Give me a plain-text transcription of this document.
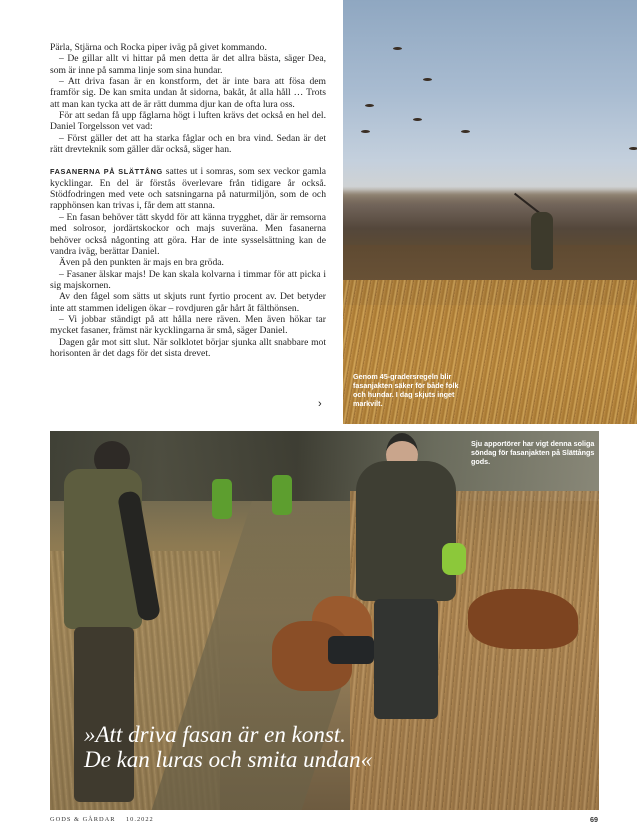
Pärla, Stjärna och Rocka piper iväg på givet kommando.

– De gillar allt vi hittar på men detta är det allra bästa, säger Dea, som är inne på samma linje som sina hundar.

– Att driva fasan är en konstform, det är inte bara att fösa dem framför sig. De kan smita undan åt sidorna, bakåt, åt alla håll … Trots att man kan tycka att de är rätt dumma djur kan de ofta lura oss.

För att sedan få upp fåglarna högt i luften krävs det också en hel del. Daniel Torgelsson vet vad:

– Först gäller det att ha starka fåglar och en bra vind. Sedan är det rätt drevteknik som gäller där också, säger han.

FASANERNA PÅ SLÄTTÅNG sattes ut i somras, som sex veckor gamla kycklingar. En del är förstås överlevare från tidigare år också. Stödfodringen med vete och satsningarna på naturmiljön, som de och rapphönsen kan trivas i, får dem att stanna.

– En fasan behöver tätt skydd för att känna trygghet, där är remsorna med solrosor, jordärtskockor och majs suveräna. Men fasanerna behöver också någonting att göra. Har de inte sysselsättning kan de vandra iväg, berättar Daniel.

Även på den punkten är majs en bra gröda.

– Fasaner älskar majs! De kan skala kolvarna i timmar för att picka i sig majskornen.

Av den fågel som sätts ut skjuts runt fyrtio procent av. Det betyder inte att stammen ideligen ökar – rovdjuren går hårt åt fälthönsen.

– Vi jobbar ständigt på att hålla nere räven. Men även hökar tar mycket fasaner, främst när kycklingarna är små, säger Daniel.

Dagen går mot sitt slut. När solklotet börjar sjunka allt snabbare mot horisonten är det dags för det sista drevet.

›
Genom 45-gradersregeln blir fasanjakten säker för både folk och hundar. I dag skjuts inget markvilt.
Sju apportörer har vigt denna soliga söndag för fasanjakten på Slättångs gods.
»Att driva fasan är en konst.
De kan luras och smita undan«
GODS & GÅRDAR 10.2022	69
